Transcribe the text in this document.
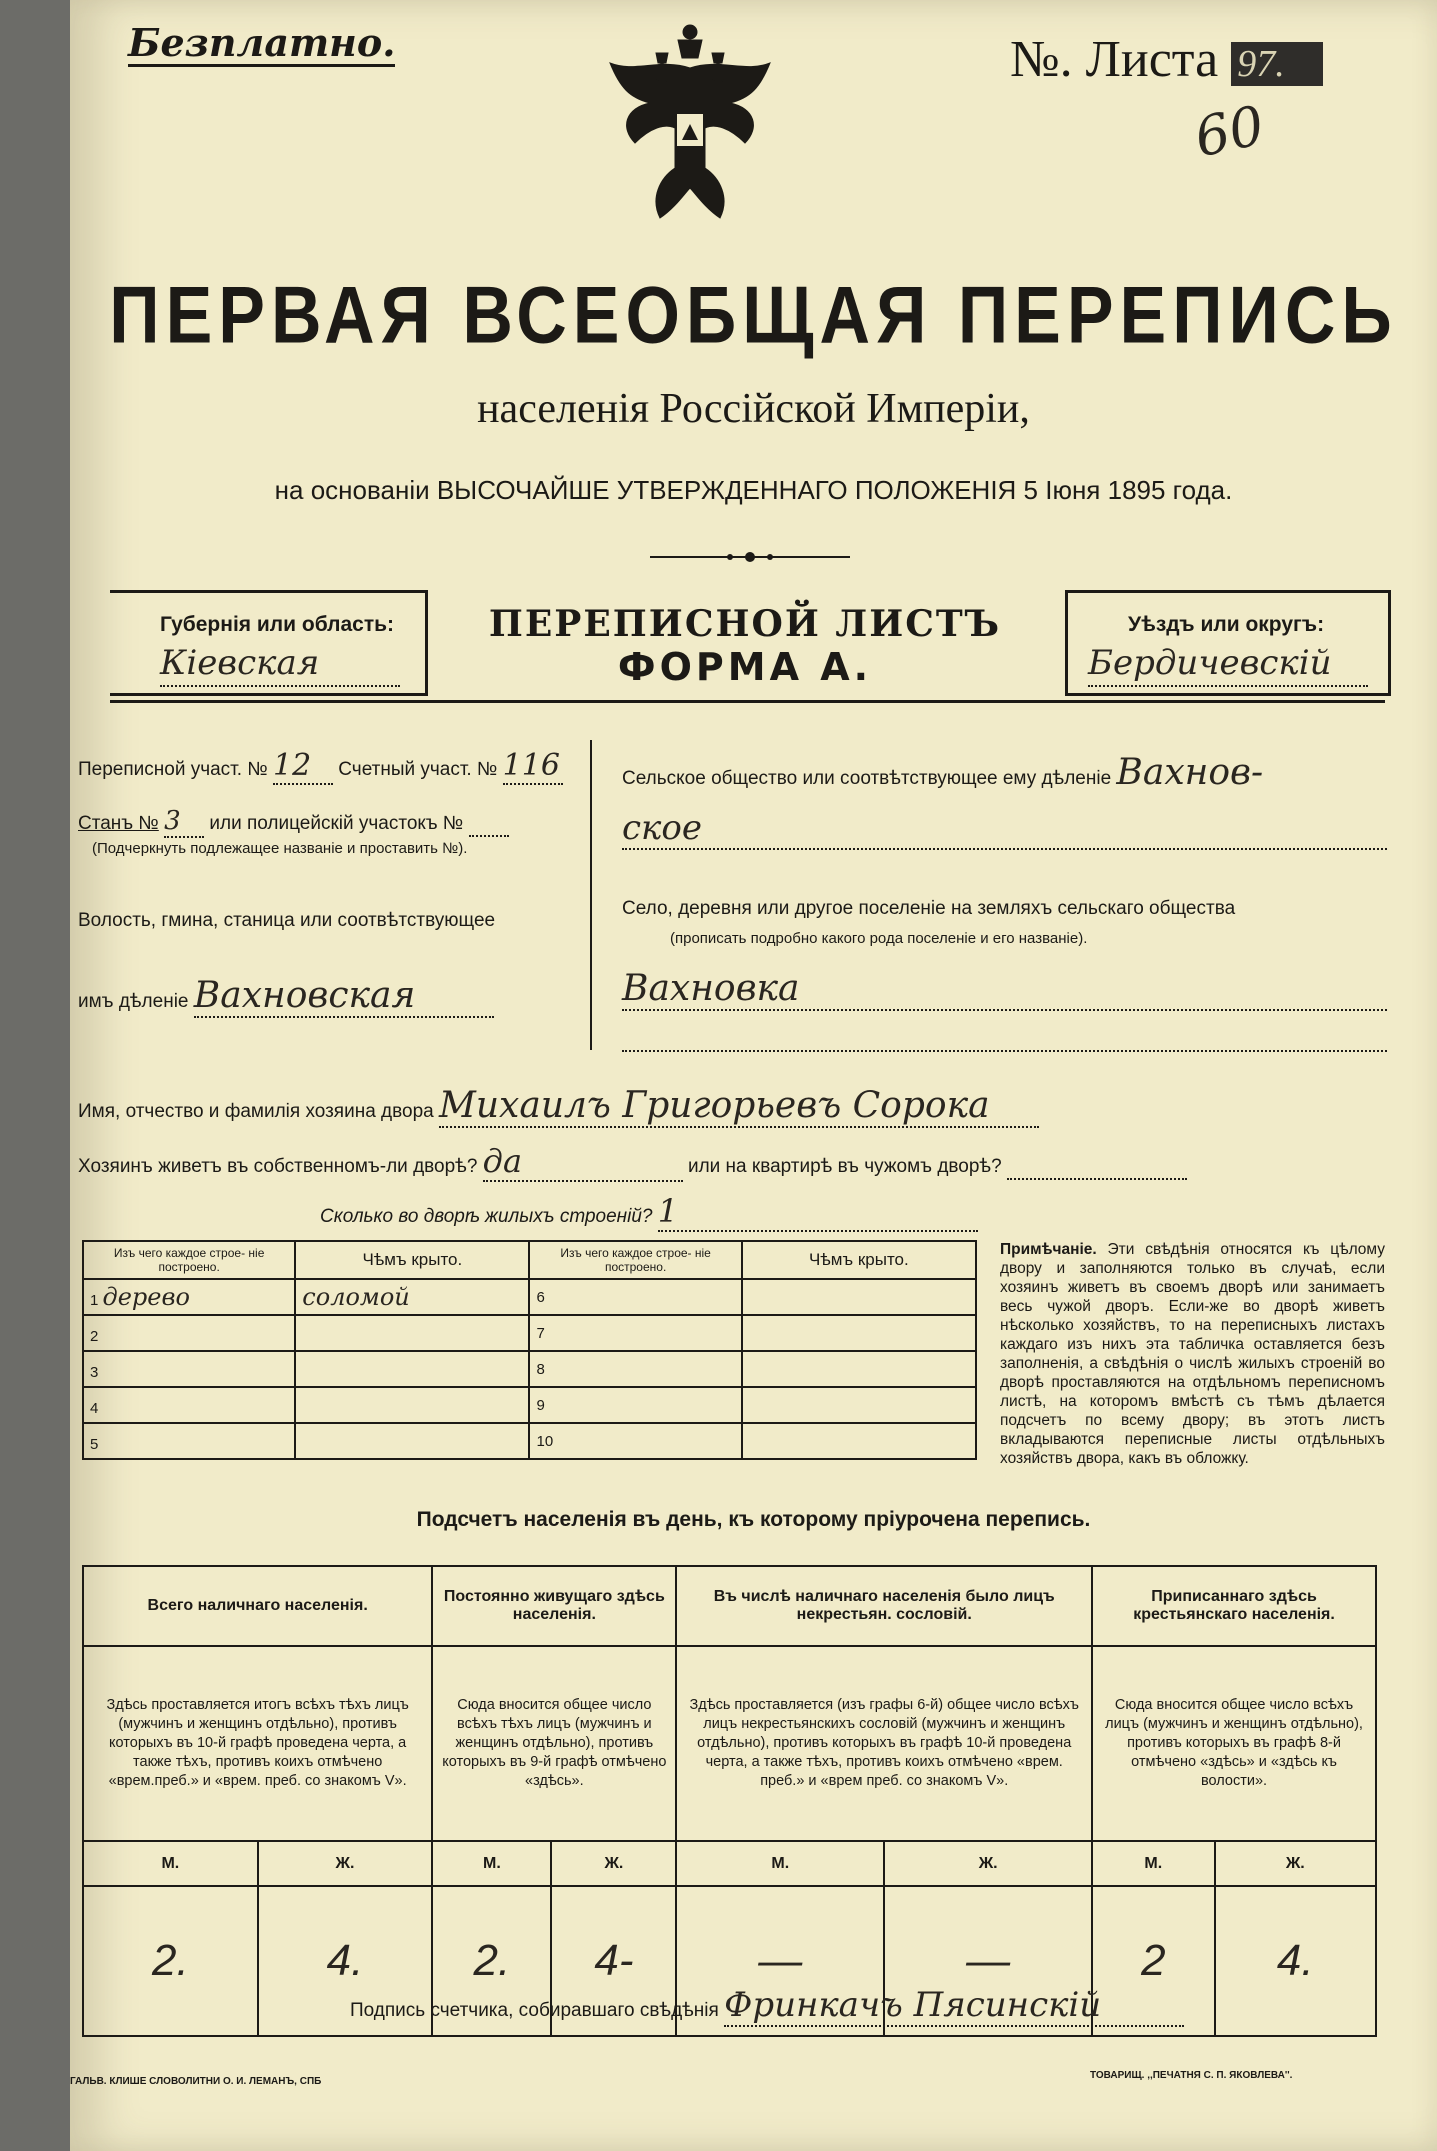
Безплатно.	№. Листа 97.
60
ПЕРВАЯ ВСЕОБЩАЯ ПЕРЕПИСЬ
населенія Россійской Имперіи,
на основаніи ВЫСОЧАЙШЕ УТВЕРЖДЕННАГО ПОЛОЖЕНІЯ 5 Іюня 1895 года.
Губернія или область:
Кіевская
ПЕРЕПИСНОЙ ЛИСТЪ
ФОРМА А.
Уѣздъ или округъ:
Бердичевскій
Переписной участ. № 12 Счетный участ. № 116
Станъ № 3 или полицейскій участокъ №
(Подчеркнуть подлежащее названіе и проставить №).
Волость, гмина, станица или соотвѣтствующее
имъ дѣленіе Вахновская
Сельское общество или соотвѣтствующее ему дѣленіе Вахнов-
ское
Село, деревня или другое поселеніе на земляхъ сельскаго общества
(прописать подробно какого рода поселеніе и его названіе).
Вахновка
Имя, отчество и фамилія хозяина двора Михаилъ Григорьевъ Сорока
Хозяинъ живетъ въ собственномъ-ли дворѣ? да	или на квартирѣ въ чужомъ дворѣ?
Сколько во дворѣ жилыхъ строеній? 1
Изъ чего каждое строе- ніе построено.	Чѣмъ крыто.	Изъ чего каждое строе- ніе построено.	Чѣмъ крыто.
1 дерево	соломой	6	
2		7	
3		8	
4		9	
5		10	
Примѣчаніе. Эти свѣдѣнія относятся къ цѣлому двору и заполняются только въ случаѣ, если хозяинъ живетъ въ своемъ дворѣ или занимаетъ весь чужой дворъ. Если-же во дворѣ живетъ нѣсколько хозяйствъ, то на переписныхъ листахъ каждаго изъ нихъ эта табличка оставляется безъ заполненія, а свѣдѣнія о числѣ жилыхъ строеній во дворѣ проставляются на отдѣльномъ переписномъ листѣ, на которомъ вмѣстѣ съ тѣмъ дѣлается подсчетъ по всему двору; въ этотъ листъ вкладываются переписные листы отдѣльныхъ хозяйствъ двора, какъ въ обложку.
Подсчетъ населенія въ день, къ которому пріурочена перепись.
Всего наличнаго населенія.		Постоянно живущаго здѣсь населенія.		Въ числѣ наличнаго населенія было лицъ некрестьян. сословій.		Приписаннаго здѣсь крестьянскаго населенія.	
Здѣсь проставляется итогъ всѣхъ тѣхъ лицъ (мужчинъ и женщинъ отдѣльно), противъ которыхъ въ 10-й графѣ проведена черта, а также тѣхъ, противъ коихъ отмѣчено «врем.преб.» и «врем. преб. со знакомъ V».		Сюда вносится общее число всѣхъ тѣхъ лицъ (мужчинъ и женщинъ отдѣльно), противъ которыхъ въ 9-й графѣ отмѣчено «здѣсь».		Здѣсь проставляется (изъ графы 6-й) общее число всѣхъ лицъ некрестьянскихъ сословій (мужчинъ и женщинъ отдѣльно), противъ которыхъ въ графѣ 10-й проведена черта, а также тѣхъ, противъ коихъ отмѣчено «врем. преб.» и «врем преб. со знакомъ V».		Сюда вносится общее число всѣхъ лицъ (мужчинъ и женщинъ отдѣльно), противъ которыхъ въ графѣ 8-й отмѣчено «здѣсь» и «здѣсь къ волости».	
М.	Ж.	М.	Ж.	М.	Ж.	М.	Ж.
2.	4.	2.	4-	—	—	2	4.
Подпись счетчика, собиравшаго свѣдѣнія Фринкачъ Пясинскій
ГАЛЬВ. КЛИШЕ СЛОВОЛИТНИ О. И. ЛЕМАНЪ, СПБ
ТОВАРИЩ. ,,ПЕЧАТНЯ С. П. ЯКОВЛЕВА''.
